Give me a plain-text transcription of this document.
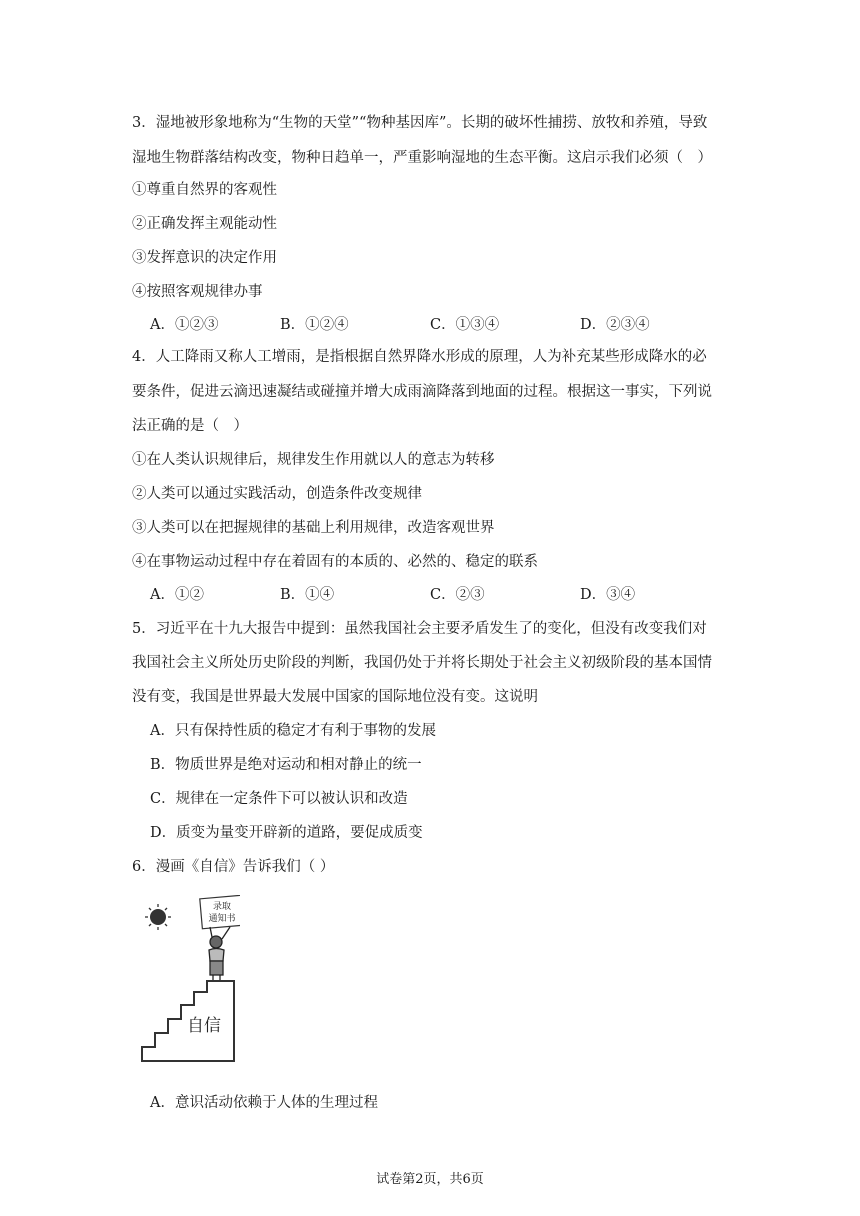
3．湿地被形象地称为“生物的天堂”“物种基因库”。长期的破坏性捕捞、放牧和养殖，导致
湿地生物群落结构改变，物种日趋单一，严重影响湿地的生态平衡。这启示我们必须（　）
①尊重自然界的客观性
②正确发挥主观能动性
③发挥意识的决定作用
④按照客观规律办事
A．①②③	B．①②④	C．①③④	D．②③④
4．人工降雨又称人工增雨，是指根据自然界降水形成的原理，人为补充某些形成降水的必
要条件，促进云滴迅速凝结或碰撞并增大成雨滴降落到地面的过程。根据这一事实，下列说
法正确的是（　）
①在人类认识规律后，规律发生作用就以人的意志为转移
②人类可以通过实践活动，创造条件改变规律
③人类可以在把握规律的基础上利用规律，改造客观世界
④在事物运动过程中存在着固有的本质的、必然的、稳定的联系
A．①②	B．①④	C．②③	D．③④
5．习近平在十九大报告中提到：虽然我国社会主要矛盾发生了的变化，但没有改变我们对
我国社会主义所处历史阶段的判断，我国仍处于并将长期处于社会主义初级阶段的基本国情
没有变，我国是世界最大发展中国家的国际地位没有变。这说明
A．只有保持性质的稳定才有利于事物的发展
B．物质世界是绝对运动和相对静止的统一
C．规律在一定条件下可以被认识和改造
D．质变为量变开辟新的道路，要促成质变
6．漫画《自信》告诉我们（ ）
录取
通知书
自信
A．意识活动依赖于人体的生理过程
试卷第2页，共6页
